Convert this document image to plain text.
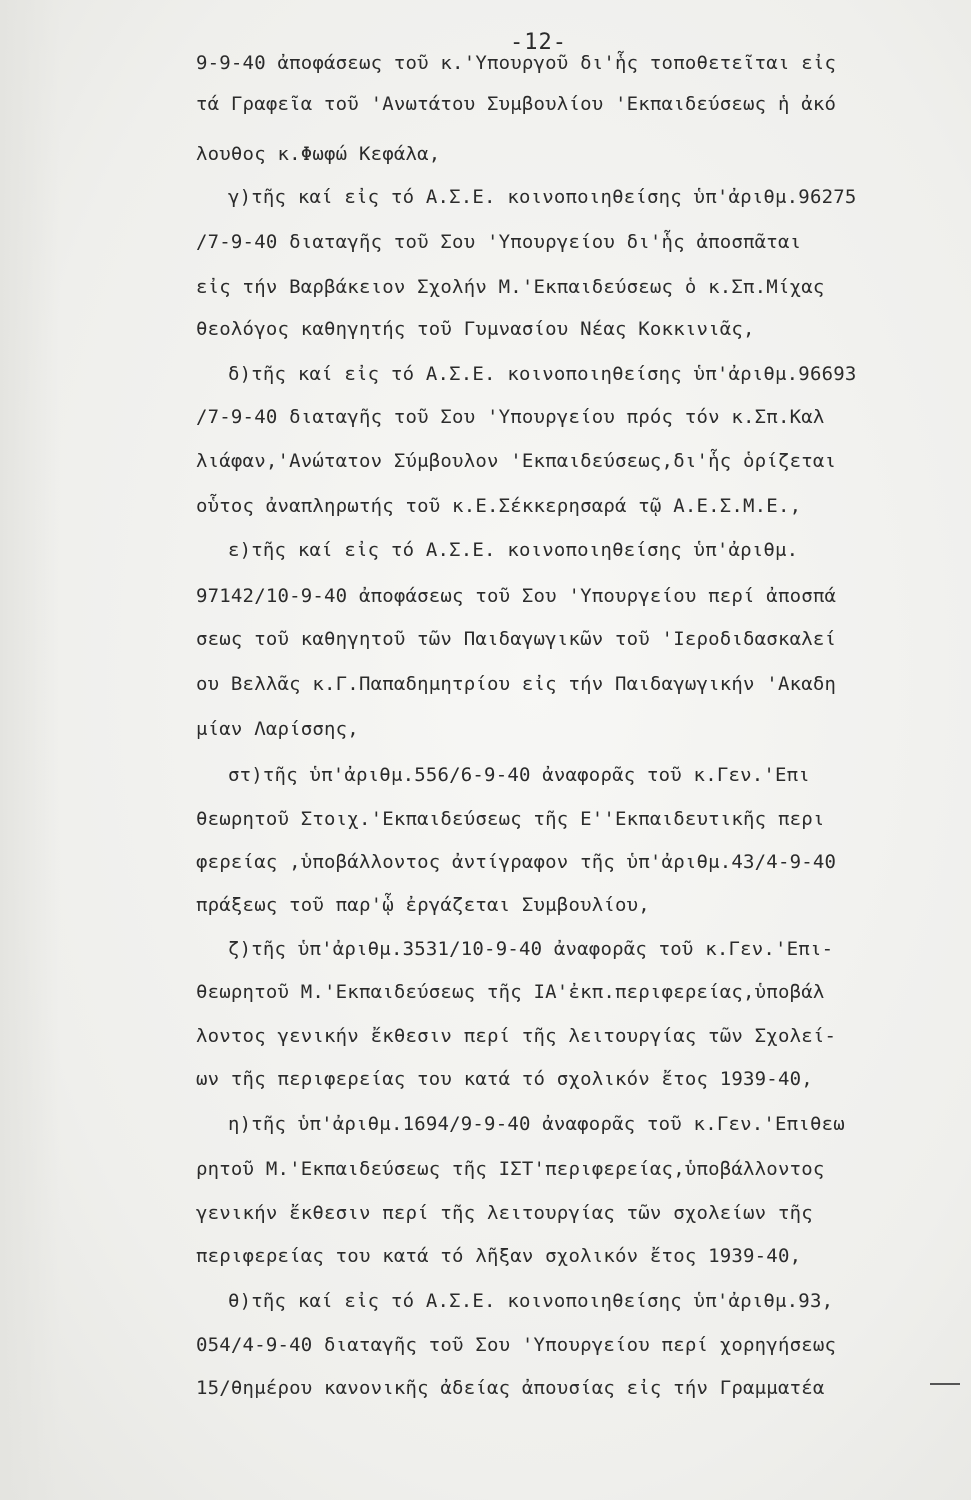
-12-
9-9-40 ἀποφάσεως τοῦ κ.'Υπουργοῦ δι'ἧς τοποθετεῖται εἰς
τά Γραφεῖα τοῦ 'Ανωτάτου Συμβουλίου 'Εκπαιδεύσεως ἡ ἀκό
λουθος κ.Φωφώ Κεφάλα,
γ)τῆς καί εἰς τό Α.Σ.Ε. κοινοποιηθείσης ὑπ'ἀριθμ.96275
/7-9-40 διαταγῆς τοῦ Σου 'Υπουργείου δι'ἧς ἀποσπᾶται
εἰς τήν Βαρβάκειον Σχολήν Μ.'Εκπαιδεύσεως ὁ κ.Σπ.Μίχας
θεολόγος καθηγητής τοῦ Γυμνασίου Νέας Κοκκινιᾶς,
δ)τῆς καί εἰς τό Α.Σ.Ε. κοινοποιηθείσης ὑπ'ἀριθμ.96693
/7-9-40 διαταγῆς τοῦ Σου 'Υπουργείου πρός τόν κ.Σπ.Καλ
λιάφαν,'Ανώτατον Σύμβουλον 'Εκπαιδεύσεως,δι'ἧς ὁρίζεται
οὗτος ἀναπληρωτής τοῦ κ.Ε.Σέκκερησαρά τῷ Α.Ε.Σ.Μ.Ε.,
ε)τῆς καί εἰς τό Α.Σ.Ε. κοινοποιηθείσης ὑπ'ἀριθμ.
97142/10-9-40 ἀποφάσεως τοῦ Σου 'Υπουργείου περί ἀποσπά
σεως τοῦ καθηγητοῦ τῶν Παιδαγωγικῶν τοῦ 'Ιεροδιδασκαλεί
ου Βελλᾶς κ.Γ.Παπαδημητρίου εἰς τήν Παιδαγωγικήν 'Ακαδη
μίαν Λαρίσσης,
στ)τῆς ὑπ'ἀριθμ.556/6-9-40 ἀναφορᾶς τοῦ κ.Γεν.'Επι
θεωρητοῦ Στοιχ.'Εκπαιδεύσεως τῆς Ε''Εκπαιδευτικῆς περι
φερείας ,ὑποβάλλοντος ἀντίγραφον τῆς ὑπ'ἀριθμ.43/4-9-40
πράξεως τοῦ παρ'ᾧ ἐργάζεται Συμβουλίου,
ζ)τῆς ὑπ'ἀριθμ.3531/10-9-40 ἀναφορᾶς τοῦ κ.Γεν.'Επι-
θεωρητοῦ Μ.'Εκπαιδεύσεως τῆς ΙΑ'ἐκπ.περιφερείας,ὑποβάλ
λοντος γενικήν ἔκθεσιν περί τῆς λειτουργίας τῶν Σχολεί-
ων τῆς περιφερείας του κατά τό σχολικόν ἔτος 1939-40,
η)τῆς ὑπ'ἀριθμ.1694/9-9-40 ἀναφορᾶς τοῦ κ.Γεν.'Επιθεω
ρητοῦ Μ.'Εκπαιδεύσεως τῆς ΙΣΤ'περιφερείας,ὑποβάλλοντος
γενικήν ἔκθεσιν περί τῆς λειτουργίας τῶν σχολείων τῆς
περιφερείας του κατά τό λῆξαν σχολικόν ἔτος 1939-40,
θ)τῆς καί εἰς τό Α.Σ.Ε. κοινοποιηθείσης ὑπ'ἀριθμ.93,
054/4-9-40 διαταγῆς τοῦ Σου 'Υπουργείου περί χορηγήσεως
15/θημέρου κανονικῆς ἀδείας ἀπουσίας εἰς τήν Γραμματέα
